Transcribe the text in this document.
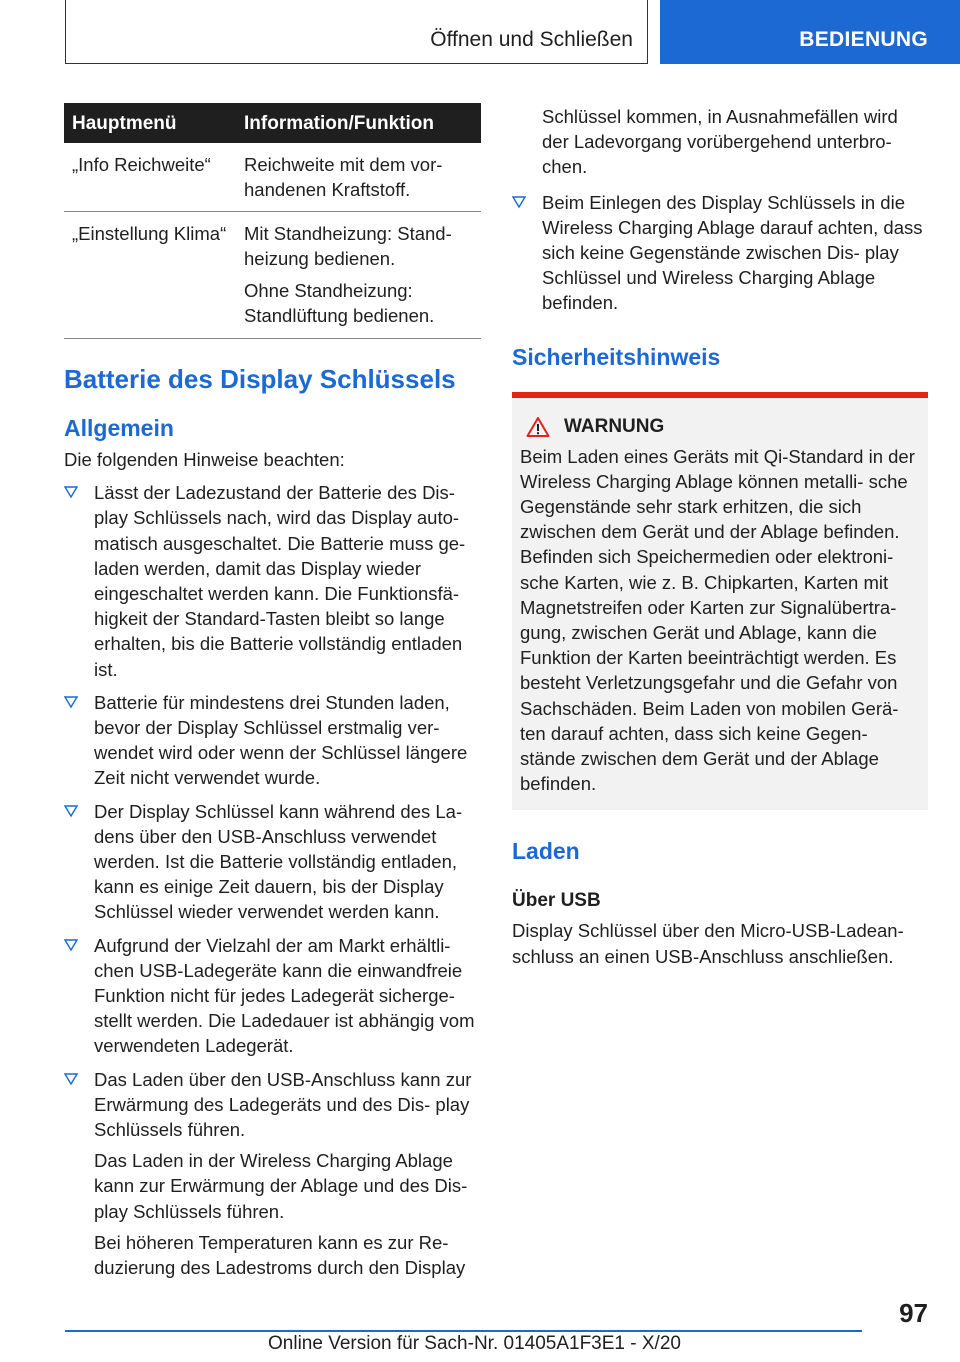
Öffnen und Schließen	BEDIENUNG
Hauptmenü	Information/Funktion
„Info Reichweite“	Reichweite mit dem vor- handenen Kraftstoff.

„Einstellung Klima“	Mit Standheizung: Stand- heizung bedienen.

Ohne Standheizung: Standlüftung bedienen.

Batterie des Display Schlüssels
Allgemein

Die folgenden Hinweise beachten:

Lässt der Ladezustand der Batterie des Dis- play Schlüssels nach, wird das Display auto- matisch ausgeschaltet. Die Batterie muss ge- laden werden, damit das Display wieder eingeschaltet werden kann. Die Funktionsfä- higkeit der Standard-Tasten bleibt so lange erhalten, bis die Batterie vollständig entladen ist.

Batterie für mindestens drei Stunden laden, bevor der Display Schlüssel erstmalig ver- wendet wird oder wenn der Schlüssel längere Zeit nicht verwendet wurde.

Der Display Schlüssel kann während des La- dens über den USB-Anschluss verwendet werden. Ist die Batterie vollständig entladen, kann es einige Zeit dauern, bis der Display Schlüssel wieder verwendet werden kann.

Aufgrund der Vielzahl der am Markt erhältli- chen USB-Ladegeräte kann die einwandfreie Funktion nicht für jedes Ladegerät sicherge- stellt werden. Die Ladedauer ist abhängig vom verwendeten Ladegerät.

Das Laden über den USB-Anschluss kann zur Erwärmung des Ladegeräts und des Dis- play Schlüssels führen.

Das Laden in der Wireless Charging Ablage kann zur Erwärmung der Ablage und des Dis- play Schlüssels führen.

Bei höheren Temperaturen kann es zur Re- duzierung des Ladestroms durch den Display

Schlüssel kommen, in Ausnahmefällen wird der Ladevorgang vorübergehend unterbro- chen.

Beim Einlegen des Display Schlüssels in die Wireless Charging Ablage darauf achten, dass sich keine Gegenstände zwischen Dis- play Schlüssel und Wireless Charging Ablage befinden.

Sicherheitshinweis
WARNUNG

Beim Laden eines Geräts mit Qi-Standard in der Wireless Charging Ablage können metalli- sche Gegenstände sehr stark erhitzen, die sich zwischen dem Gerät und der Ablage befinden. Befinden sich Speichermedien oder elektroni- sche Karten, wie z. B. Chipkarten, Karten mit Magnetstreifen oder Karten zur Signalübertra- gung, zwischen Gerät und Ablage, kann die Funktion der Karten beeinträchtigt werden. Es besteht Verletzungsgefahr und die Gefahr von Sachschäden. Beim Laden von mobilen Gerä- ten darauf achten, dass sich keine Gegen- stände zwischen dem Gerät und der Ablage befinden.

Laden
Über USB

Display Schlüssel über den Micro-USB-Ladean- schluss an einen USB-Anschluss anschließen.

97
Online Version für Sach-Nr. 01405A1F3E1 - X/20
